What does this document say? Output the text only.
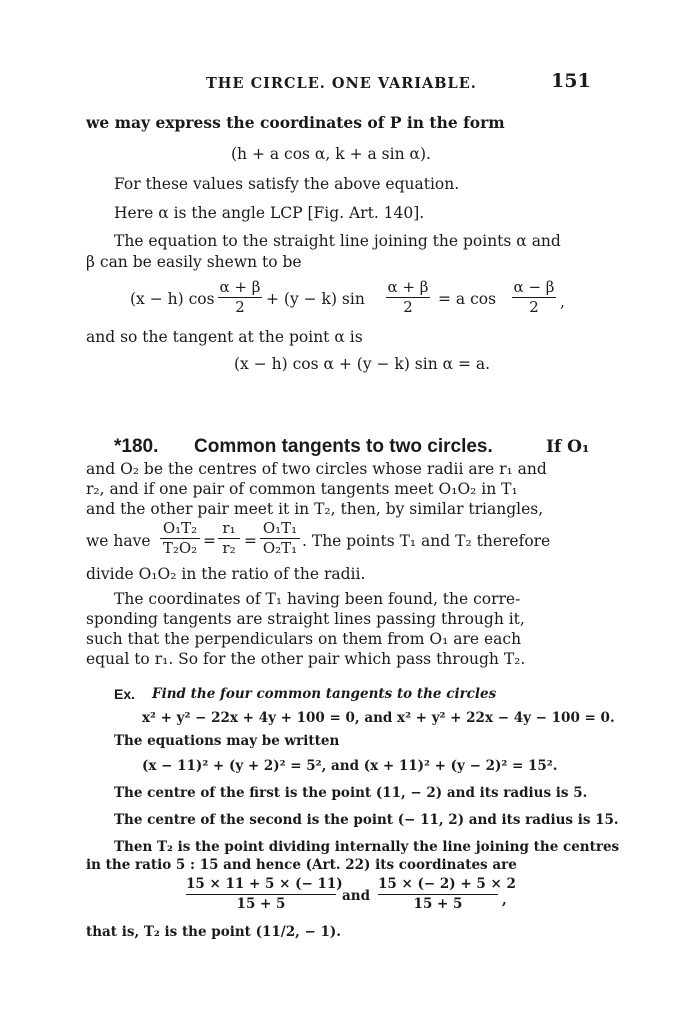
THE CIRCLE. ONE VARIABLE.	151
we may express the coordinates of P in the form
(h + a cos α, k + a sin α).
For these values satisfy the above equation.
Here α is the angle LCP [Fig. Art. 140].
The equation to the straight line joining the points α and
β can be easily shewn to be
(x − h) cos
α + β
2	+ (y − k) sin
α + β
2	= a cos
α − β
2	,
and so the tangent at the point α is
(x − h) cos α + (y − k) sin α = a.
*180. Common tangents to two circles.	If O₁
and O₂ be the centres of two circles whose radii are r₁ and
r₂, and if one pair of common tangents meet O₁O₂ in T₁
and the other pair meet it in T₂, then, by similar triangles,
we have
O₁T₂
T₂O₂ =
r₁
r₂ =
O₁T₁
O₂T₁ . The points T₁ and T₂ therefore
divide O₁O₂ in the ratio of the radii.
The coordinates of T₁ having been found, the corre-
sponding tangents are straight lines passing through it,
such that the perpendiculars on them from O₁ are each
equal to r₁. So for the other pair which pass through T₂.
Ex. Find the four common tangents to the circles
x² + y² − 22x + 4y + 100 = 0, and x² + y² + 22x − 4y − 100 = 0.
The equations may be written
(x − 11)² + (y + 2)² = 5², and (x + 11)² + (y − 2)² = 15².
The centre of the first is the point (11, − 2) and its radius is 5.
The centre of the second is the point (− 11, 2) and its radius is 15.
Then T₂ is the point dividing internally the line joining the centres
in the ratio 5 : 15 and hence (Art. 22) its coordinates are
15 × 11 + 5 × (− 11)
15 + 5	and
15 × (− 2) + 5 × 2
15 + 5	,
that is, T₂ is the point (11/2, − 1).
